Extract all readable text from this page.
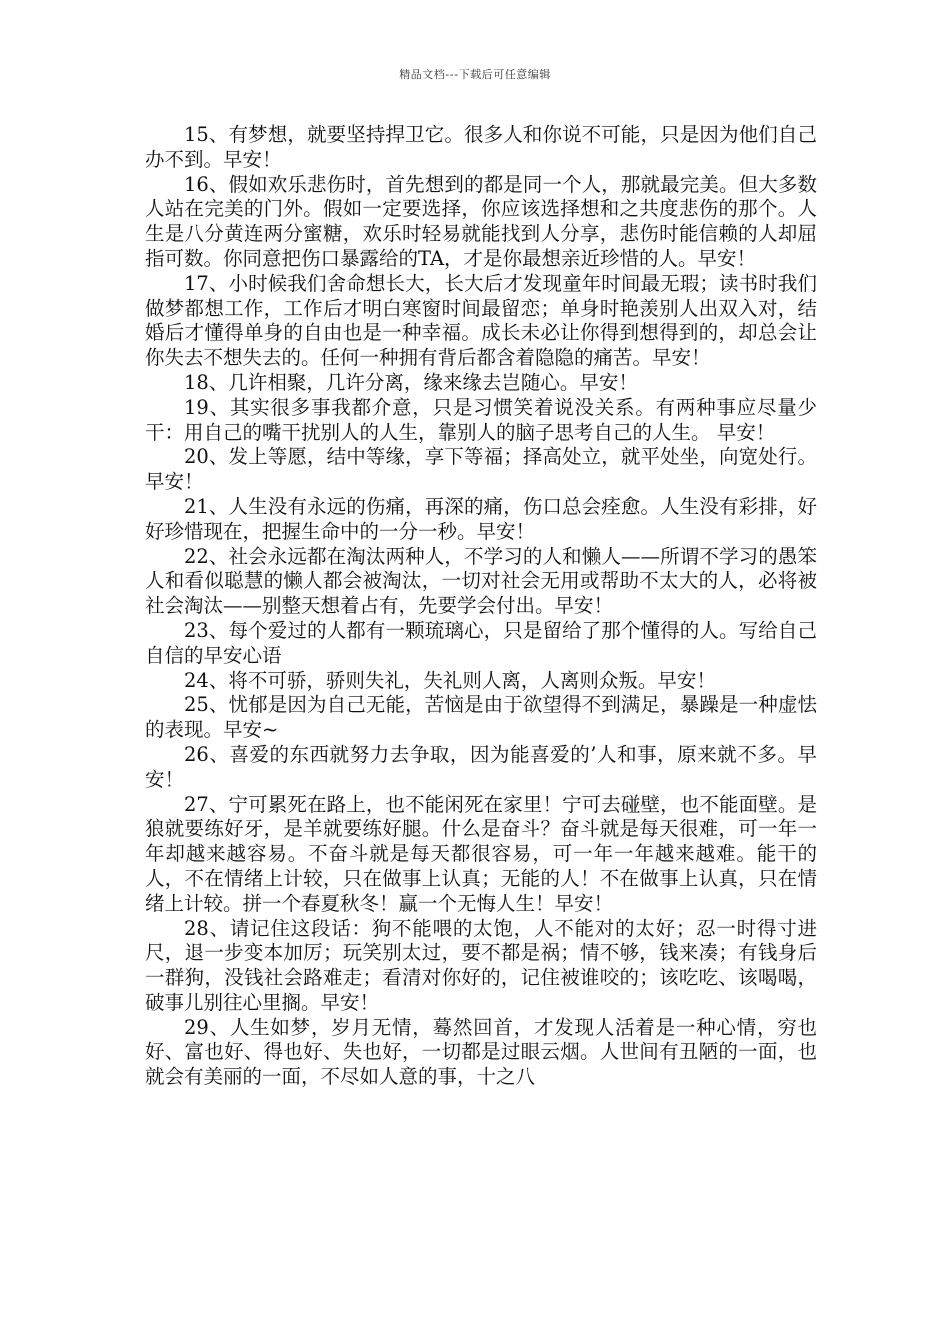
精品文档---下载后可任意编辑

15、有梦想，就要坚持捍卫它。很多人和你说不可能，只是因为他们自己办不到。早安！

16、假如欢乐悲伤时，首先想到的都是同一个人，那就最完美。但大多数人站在完美的门外。假如一定要选择，你应该选择想和之共度悲伤的那个。人生是八分黄连两分蜜糖，欢乐时轻易就能找到人分享，悲伤时能信赖的人却屈指可数。你同意把伤口暴露给的TA，才是你最想亲近珍惜的人。早安！

17、小时候我们舍命想长大，长大后才发现童年时间最无瑕；读书时我们做梦都想工作，工作后才明白寒窗时间最留恋；单身时艳羡别人出双入对，结婚后才懂得单身的自由也是一种幸福。成长未必让你得到想得到的，却总会让你失去不想失去的。任何一种拥有背后都含着隐隐的痛苦。早安！

18、几许相聚，几许分离，缘来缘去岂随心。早安！

19、其实很多事我都介意，只是习惯笑着说没关系。有两种事应尽量少干：用自己的嘴干扰别人的人生，靠别人的脑子思考自己的人生。 早安！

20、发上等愿，结中等缘，享下等福；择高处立，就平处坐，向宽处行。早安！

21、人生没有永远的伤痛，再深的痛，伤口总会痊愈。人生没有彩排，好好珍惜现在，把握生命中的一分一秒。早安！

22、社会永远都在淘汰两种人，不学习的人和懒人——所谓不学习的愚笨人和看似聪慧的懒人都会被淘汰，一切对社会无用或帮助不太大的人，必将被社会淘汰——别整天想着占有，先要学会付出。早安！

23、每个爱过的人都有一颗琉璃心，只是留给了那个懂得的人。写给自己自信的早安心语

24、将不可骄，骄则失礼，失礼则人离，人离则众叛。早安！

25、忧郁是因为自己无能，苦恼是由于欲望得不到满足，暴躁是一种虚怯的表现。早安~

26、喜爱的东西就努力去争取，因为能喜爱的’人和事，原来就不多。早安！

27、宁可累死在路上，也不能闲死在家里！宁可去碰壁，也不能面壁。是狼就要练好牙，是羊就要练好腿。什么是奋斗？奋斗就是每天很难，可一年一年却越来越容易。不奋斗就是每天都很容易，可一年一年越来越难。能干的人，不在情绪上计较，只在做事上认真；无能的人！不在做事上认真，只在情绪上计较。拼一个春夏秋冬！赢一个无悔人生！早安！

28、请记住这段话：狗不能喂的太饱，人不能对的太好；忍一时得寸进尺，退一步变本加厉；玩笑别太过，要不都是祸；情不够，钱来凑；有钱身后一群狗，没钱社会路难走；看清对你好的，记住被谁咬的；该吃吃、该喝喝，破事儿别往心里搁。早安！

29、人生如梦，岁月无情，蓦然回首，才发现人活着是一种心情，穷也好、富也好、得也好、失也好，一切都是过眼云烟。人世间有丑陋的一面，也就会有美丽的一面，不尽如人意的事，十之八
